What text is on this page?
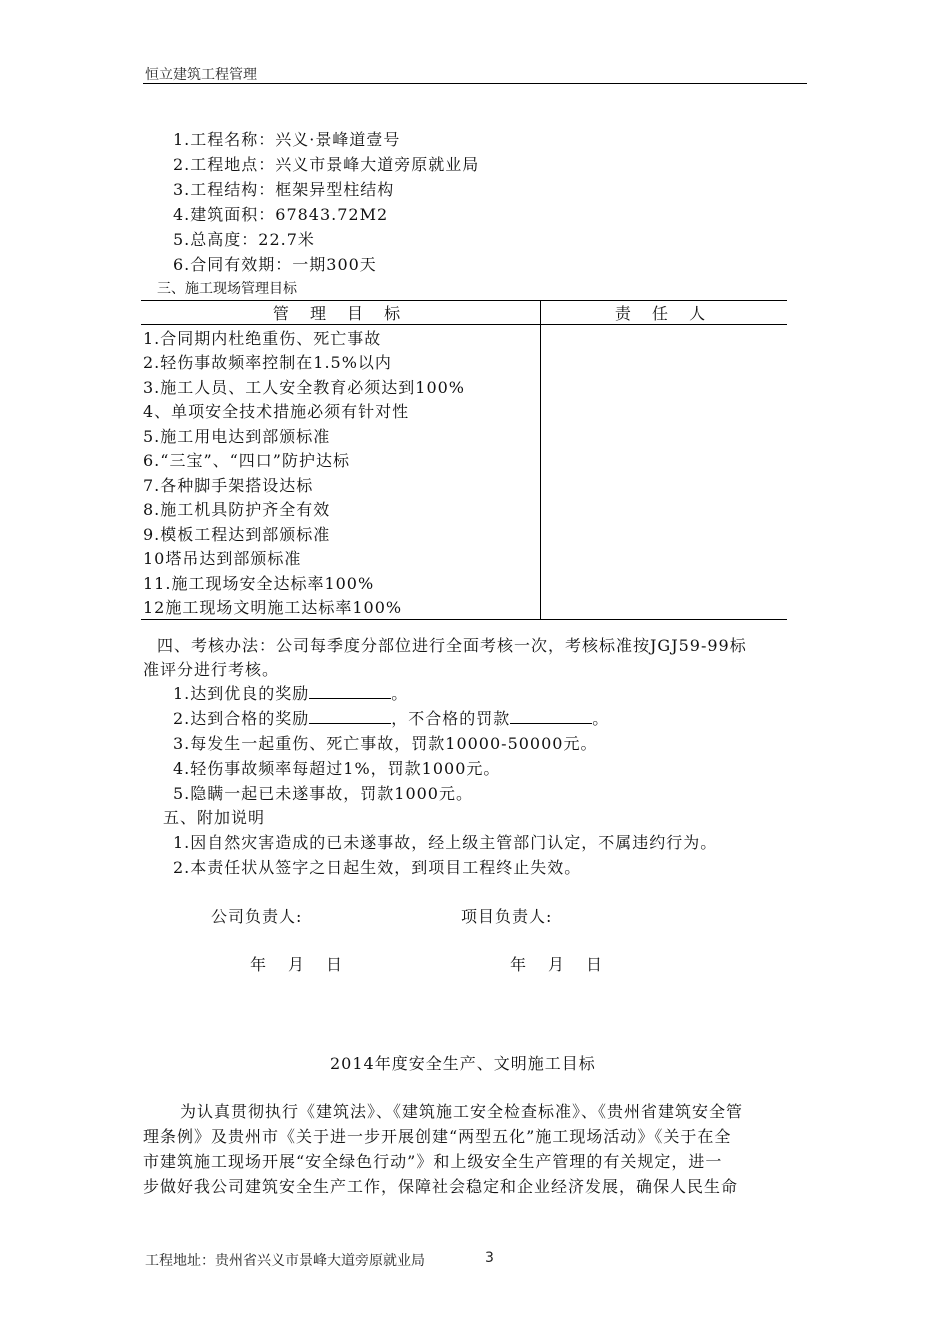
恒立建筑工程管理
1.工程名称：兴义·景峰道壹号
2.工程地点：兴义市景峰大道旁原就业局
3.工程结构：框架异型柱结构
4.建筑面积：67843.72M2
5.总高度：22.7米
6.合同有效期：一期300天
三、施工现场管理目标
管 理 目 标	责 任 人
1.合同期内杜绝重伤、死亡事故	
2.轻伤事故频率控制在1.5%以内	
3.施工人员、工人安全教育必须达到100%	
4、单项安全技术措施必须有针对性	
5.施工用电达到部颁标准	
6.“三宝”、“四口”防护达标	
7.各种脚手架搭设达标	
8.施工机具防护齐全有效	
9.模板工程达到部颁标准	
10塔吊达到部颁标准	
11.施工现场安全达标率100%	
12施工现场文明施工达标率100%	
四、考核办法：公司每季度分部位进行全面考核一次，考核标准按JGJ59-99标
准评分进行考核。
1.达到优良的奖励	。
2.达到合格的奖励	，不合格的罚款	。
3.每发生一起重伤、死亡事故，罚款10000-50000元。
4.轻伤事故频率每超过1%，罚款1000元。
5.隐瞒一起已未遂事故，罚款1000元。
五、附加说明
1.因自然灾害造成的已未遂事故，经上级主管部门认定，不属违约行为。
2.本责任状从签字之日起生效，到项目工程终止失效。
公司负责人:	项目负责人:
年　月　日	年　月　日
2014年度安全生产、文明施工目标

为认真贯彻执行《建筑法》、《建筑施工安全检查标准》、《贵州省建筑安全管

理条例》及贵州市《关于进一步开展创建“两型五化”施工现场活动》《关于在全

市建筑施工现场开展“安全绿色行动”》和上级安全生产管理的有关规定，进一

步做好我公司建筑安全生产工作，保障社会稳定和企业经济发展，确保人民生命

工程地址：贵州省兴义市景峰大道旁原就业局	3
